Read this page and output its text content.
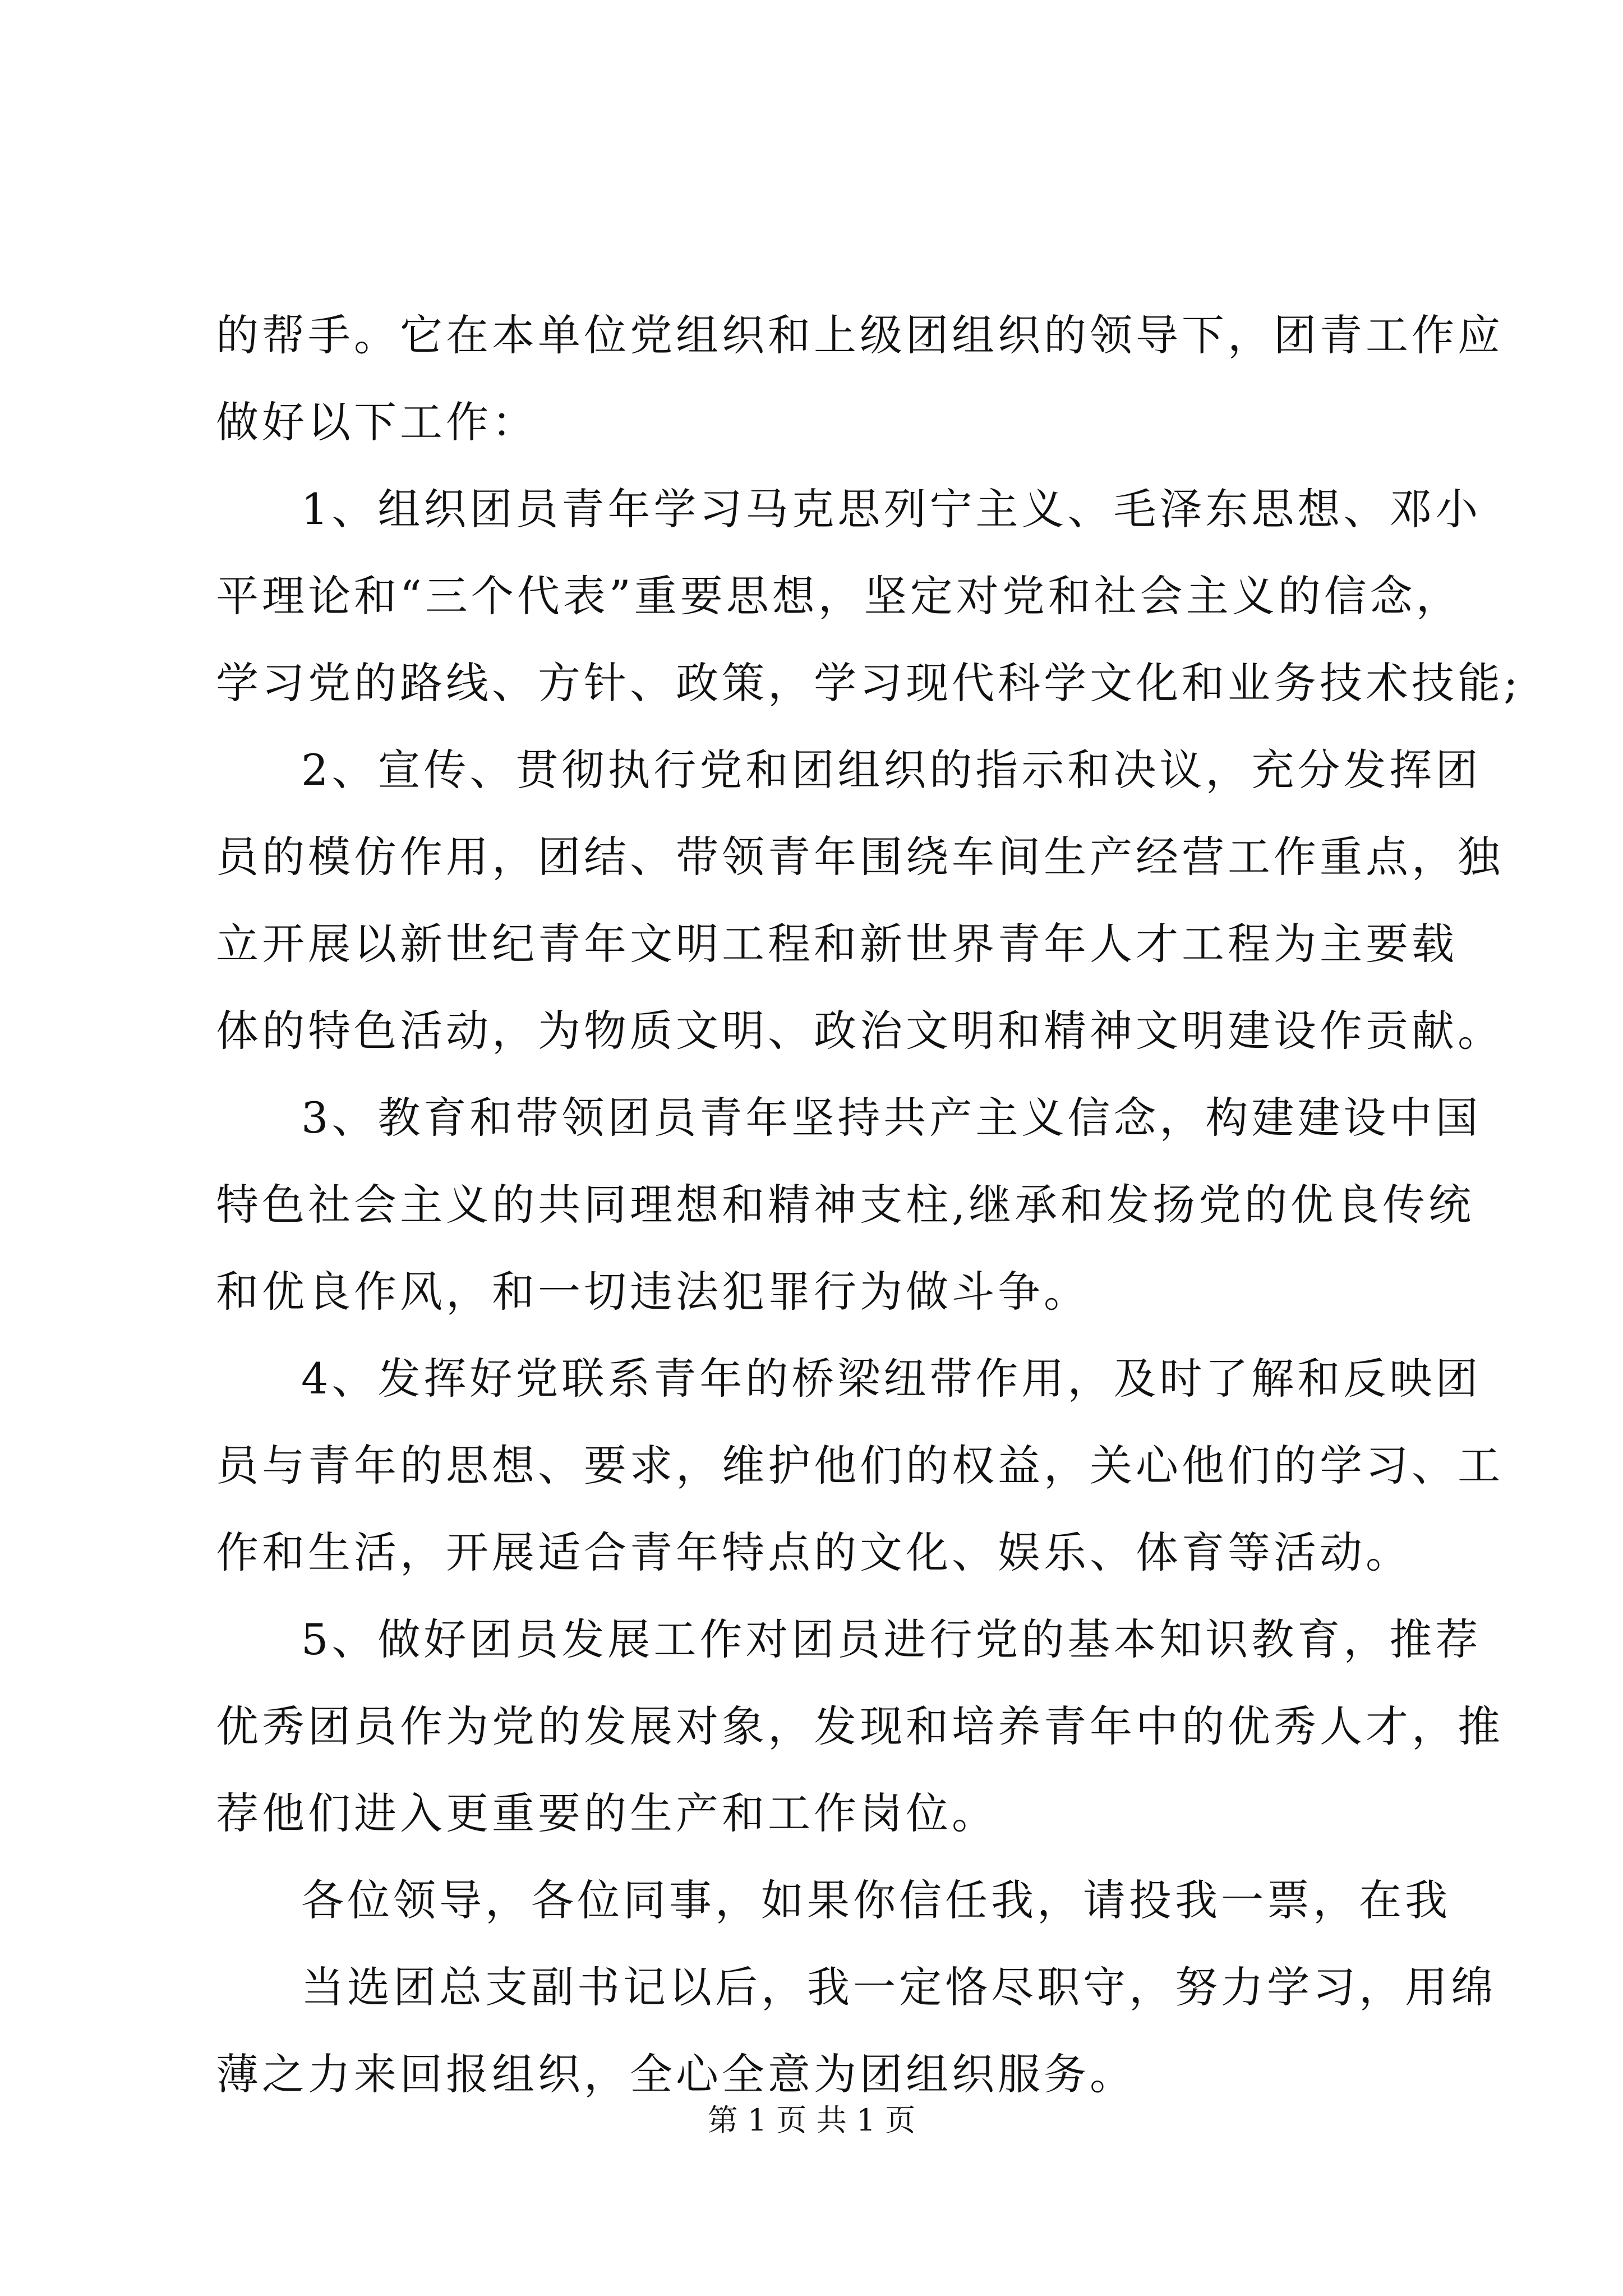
的帮手。它在本单位党组织和上级团组织的领导下，团青工作应
做好以下工作：
1、组织团员青年学习马克思列宁主义、毛泽东思想、邓小
平理论和“三个代表”重要思想，坚定对党和社会主义的信念，
学习党的路线、方针、政策，学习现代科学文化和业务技术技能;
2、宣传、贯彻执行党和团组织的指示和决议，充分发挥团
员的模仿作用，团结、带领青年围绕车间生产经营工作重点，独
立开展以新世纪青年文明工程和新世界青年人才工程为主要载
体的特色活动，为物质文明、政治文明和精神文明建设作贡献。
3、教育和带领团员青年坚持共产主义信念，构建建设中国
特色社会主义的共同理想和精神支柱,继承和发扬党的优良传统
和优良作风，和一切违法犯罪行为做斗争。
4、发挥好党联系青年的桥梁纽带作用，及时了解和反映团
员与青年的思想、要求，维护他们的权益，关心他们的学习、工
作和生活，开展适合青年特点的文化、娱乐、体育等活动。
5、做好团员发展工作对团员进行党的基本知识教育，推荐
优秀团员作为党的发展对象，发现和培养青年中的优秀人才，推
荐他们进入更重要的生产和工作岗位。
各位领导，各位同事，如果你信任我，请投我一票，在我
当选团总支副书记以后，我一定恪尽职守，努力学习，用绵
薄之力来回报组织，全心全意为团组织服务。
第 1 页 共 1 页
